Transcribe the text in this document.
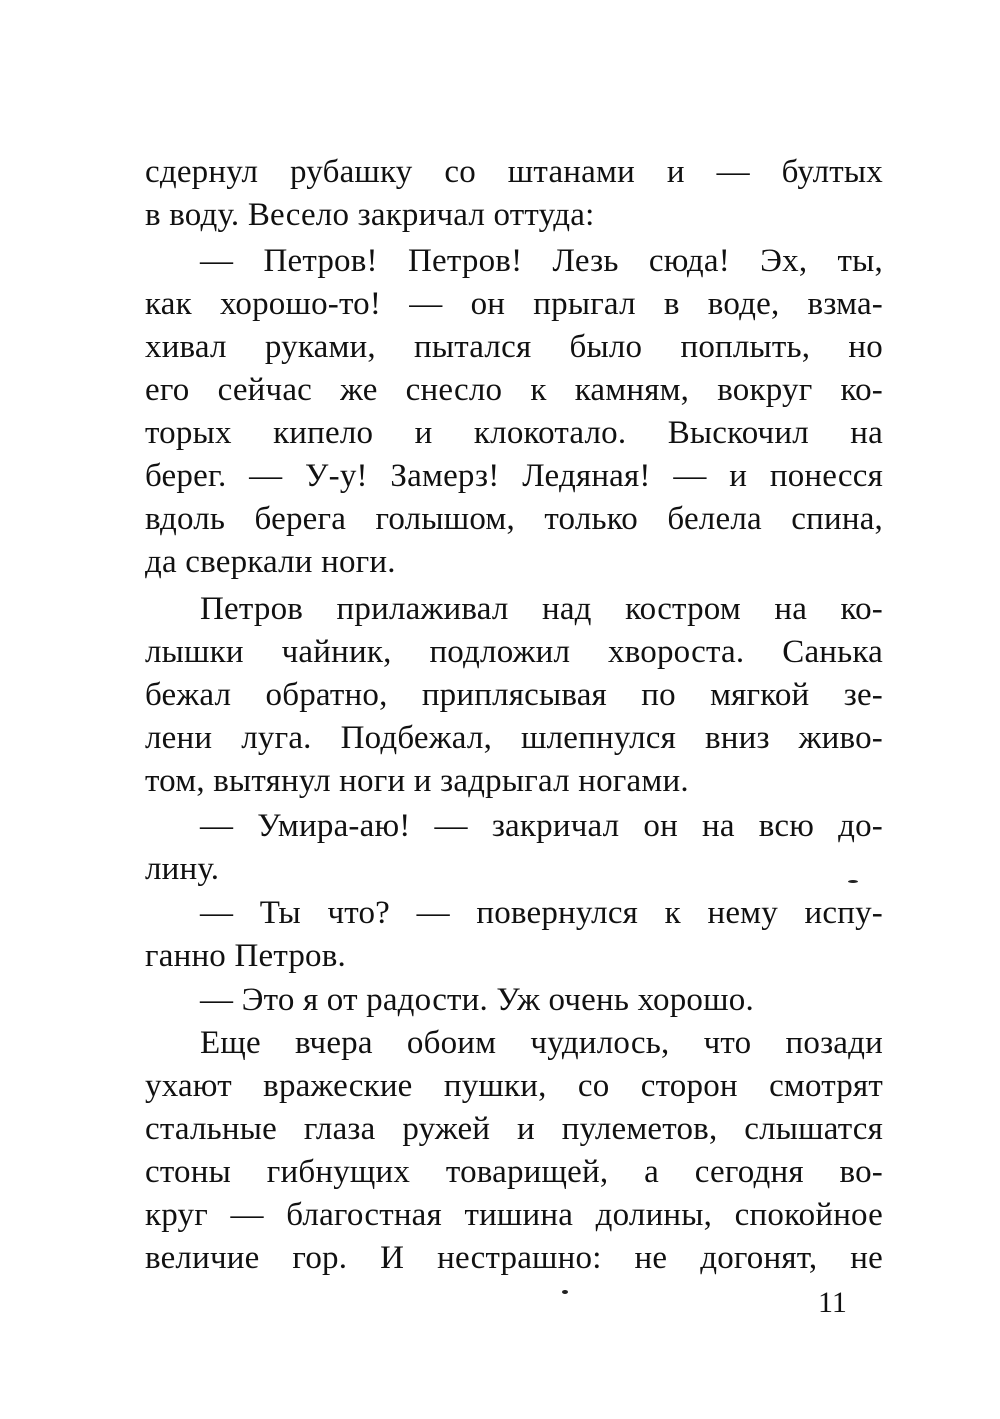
сдернул рубашку со штанами и — бултых
в воду. Весело закричал оттуда:
— Петров! Петров! Лезь сюда! Эх, ты,
как хорошо-то! — он прыгал в воде, взма-
хивал руками, пытался было поплыть, но
его сейчас же снесло к камням, вокруг ко-
торых кипело и клокотало. Выскочил на
берег. — У-у! Замерз! Ледяная! — и понесся
вдоль берега голышом, только белела спина,
да сверкали ноги.
Петров прилаживал над костром на ко-
лышки чайник, подложил хвороста. Санька
бежал обратно, приплясывая по мягкой зе-
лени луга. Подбежал, шлепнулся вниз живо-
том, вытянул ноги и задрыгал ногами.
— Умира-аю! — закричал он на всю до-
лину.
— Ты что? — повернулся к нему испу-
ганно Петров.
— Это я от радости. Уж очень хорошо.
Еще вчера обоим чудилось, что позади
ухают вражеские пушки, со сторон смотрят
стальные глаза ружей и пулеметов, слышатся
стоны гибнущих товарищей, а сегодня во-
круг — благостная тишина долины, спокойное
величие гор. И нестрашно: не догонят, не
11
